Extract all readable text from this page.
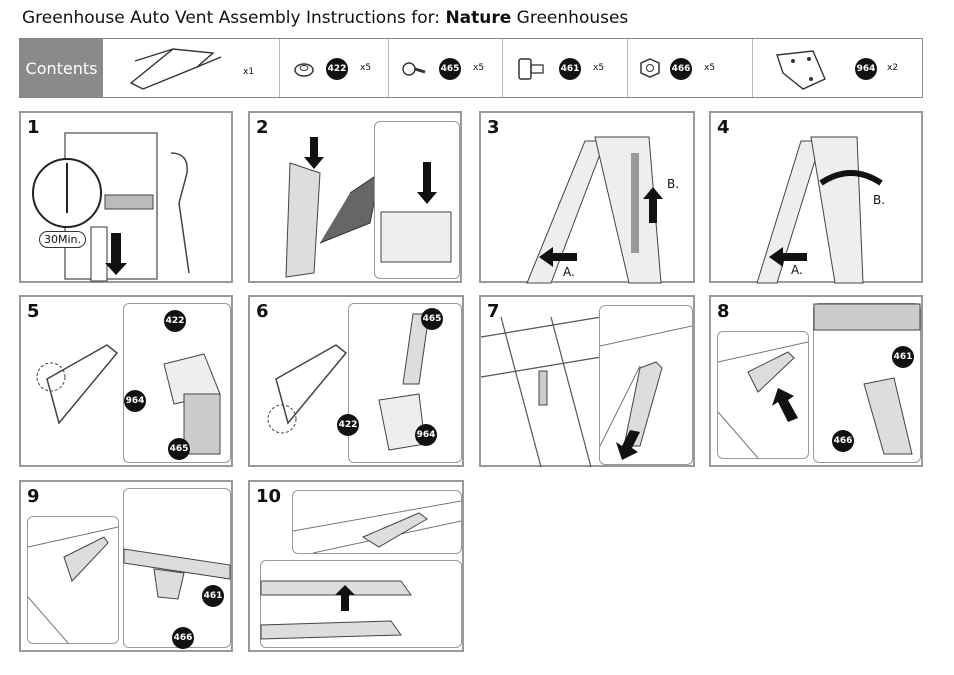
Greenhouse Auto Vent Assembly Instructions for: Nature Greenhouses
Contents	x1	422 x5	465 x5	461 x5	466 x5	964 x2
1
30Min.
2	3
B.
A.
4
B.
A.
5	422
964
465
6	465
422
964
7	8
461
466
9
461
466
10
